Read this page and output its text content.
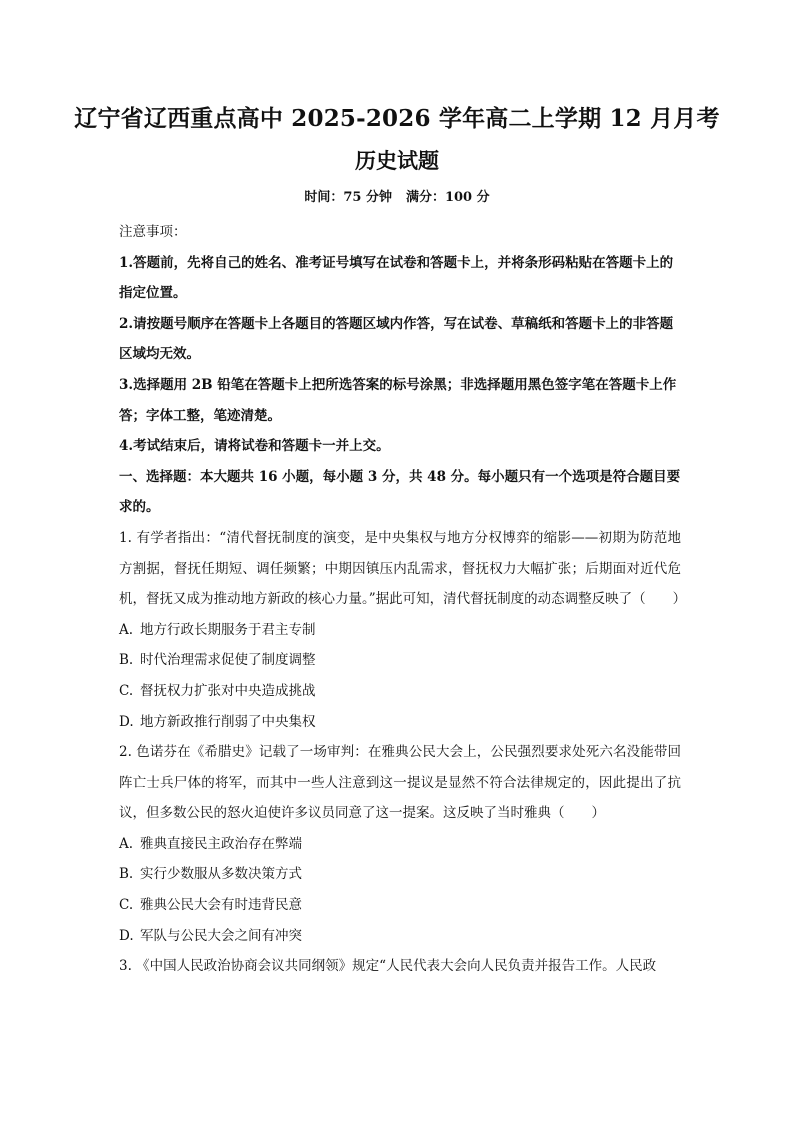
辽宁省辽西重点高中 2025-2026 学年高二上学期 12 月月考
历史试题
时间：75 分钟 满分：100 分

注意事项：

1.答题前，先将自己的姓名、准考证号填写在试卷和答题卡上，并将条形码粘贴在答题卡上的指定位置。

2.请按题号顺序在答题卡上各题目的答题区域内作答，写在试卷、草稿纸和答题卡上的非答题区域均无效。

3.选择题用 2B 铅笔在答题卡上把所选答案的标号涂黑；非选择题用黑色签字笔在答题卡上作答；字体工整，笔迹清楚。

4.考试结束后，请将试卷和答题卡一并上交。

一、选择题：本大题共 16 小题，每小题 3 分，共 48 分。每小题只有一个选项是符合题目要求的。

1. 有学者指出：“清代督抚制度的演变，是中央集权与地方分权博弈的缩影——初期为防范地方割据，督抚任期短、调任频繁；中期因镇压内乱需求，督抚权力大幅扩张；后期面对近代危机，督抚又成为推动地方新政的核心力量。”据此可知，清代督抚制度的动态调整反映了（　　）

A. 地方行政长期服务于君主专制

B. 时代治理需求促使了制度调整

C. 督抚权力扩张对中央造成挑战

D. 地方新政推行削弱了中央集权

2. 色诺芬在《希腊史》记载了一场审判：在雅典公民大会上，公民强烈要求处死六名没能带回阵亡士兵尸体的将军，而其中一些人注意到这一提议是显然不符合法律规定的，因此提出了抗议，但多数公民的怒火迫使许多议员同意了这一提案。这反映了当时雅典（　　）

A. 雅典直接民主政治存在弊端

B. 实行少数服从多数决策方式

C. 雅典公民大会有时违背民意

D. 军队与公民大会之间有冲突

3. 《中国人民政治协商会议共同纲领》规定“人民代表大会向人民负责并报告工作。人民政
